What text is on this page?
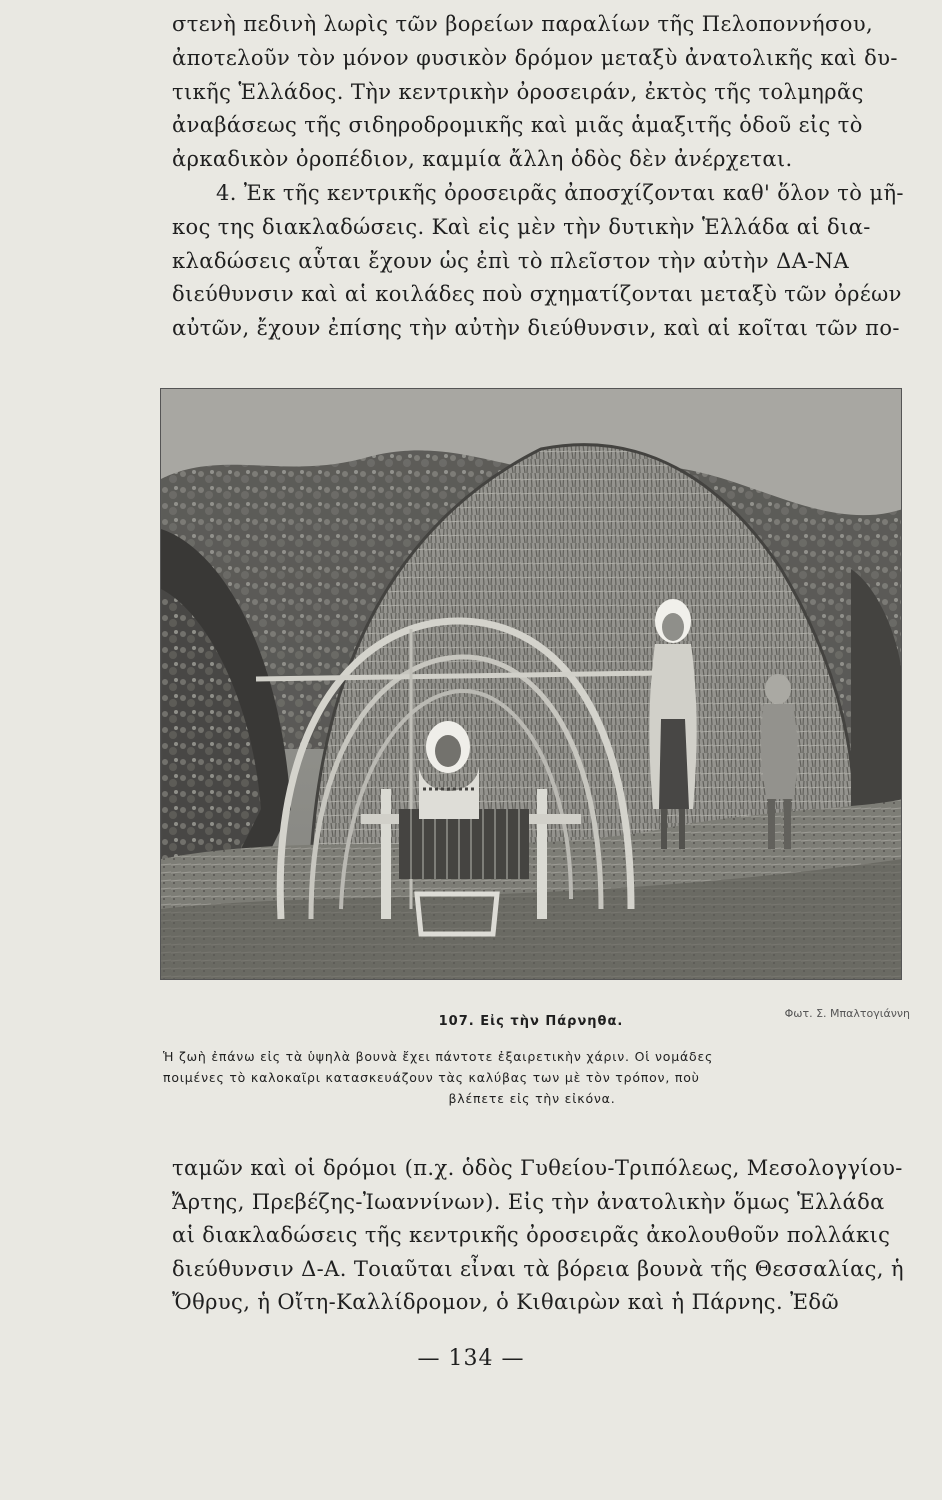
στενὴ πεδινὴ λωρὶς τῶν βορείων παραλίων τῆς Πελοποννήσου,
ἀποτελοῦν τὸν μόνον φυσικὸν δρόμον μεταξὺ ἀνατολικῆς καὶ δυ-
τικῆς Ἑλλάδος. Τὴν κεντρικὴν ὀροσειράν, ἐκτὸς τῆς τολμηρᾶς
ἀναβάσεως τῆς σιδηροδρομικῆς καὶ μιᾶς ἁμαξιτῆς ὁδοῦ εἰς τὸ
ἀρκαδικὸν ὀροπέδιον, καμμία ἄλλη ὁδὸς δὲν ἀνέρχεται.
4. Ἐκ τῆς κεντρικῆς ὀροσειρᾶς ἀποσχίζονται καθ' ὅλον τὸ μῆ-
κος της διακλαδώσεις. Καὶ εἰς μὲν τὴν δυτικὴν Ἑλλάδα αἱ δια-
κλαδώσεις αὗται ἔχουν ὡς ἐπὶ τὸ πλεῖστον τὴν αὐτὴν ΔΑ-ΝΑ
διεύθυνσιν καὶ αἱ κοιλάδες ποὺ σχηματίζονται μεταξὺ τῶν ὀρέων
αὐτῶν, ἔχουν ἐπίσης τὴν αὐτὴν διεύθυνσιν, καὶ αἱ κοῖται τῶν πο-
Φωτ. Σ. Μπαλτογιάννη
107. Εἰς τὴν Πάρνηθα.
Ἡ ζωὴ ἐπάνω εἰς τὰ ὑψηλὰ βουνὰ ἔχει πάντοτε ἐξαιρετικὴν χάριν. Οἱ νομάδες
ποιμένες τὸ καλοκαῖρι κατασκευάζουν τὰς καλύβας των μὲ τὸν τρόπον, ποὺ
βλέπετε εἰς τὴν εἰκόνα.
ταμῶν καὶ οἱ δρόμοι (π.χ. ὁδὸς Γυθείου-Τριπόλεως, Μεσολογγίου-
Ἄρτης, Πρεβέζης-Ἰωαννίνων). Εἰς τὴν ἀνατολικὴν ὅμως Ἑλλάδα
αἱ διακλαδώσεις τῆς κεντρικῆς ὀροσειρᾶς ἀκολουθοῦν πολλάκις
διεύθυνσιν Δ-Α. Τοιαῦται εἶναι τὰ βόρεια βουνὰ τῆς Θεσσαλίας, ἡ
Ὄθρυς, ἡ Οἴτη-Καλλίδρομον, ὁ Κιθαιρὼν καὶ ἡ Πάρνης. Ἐδῶ
— 134 —
